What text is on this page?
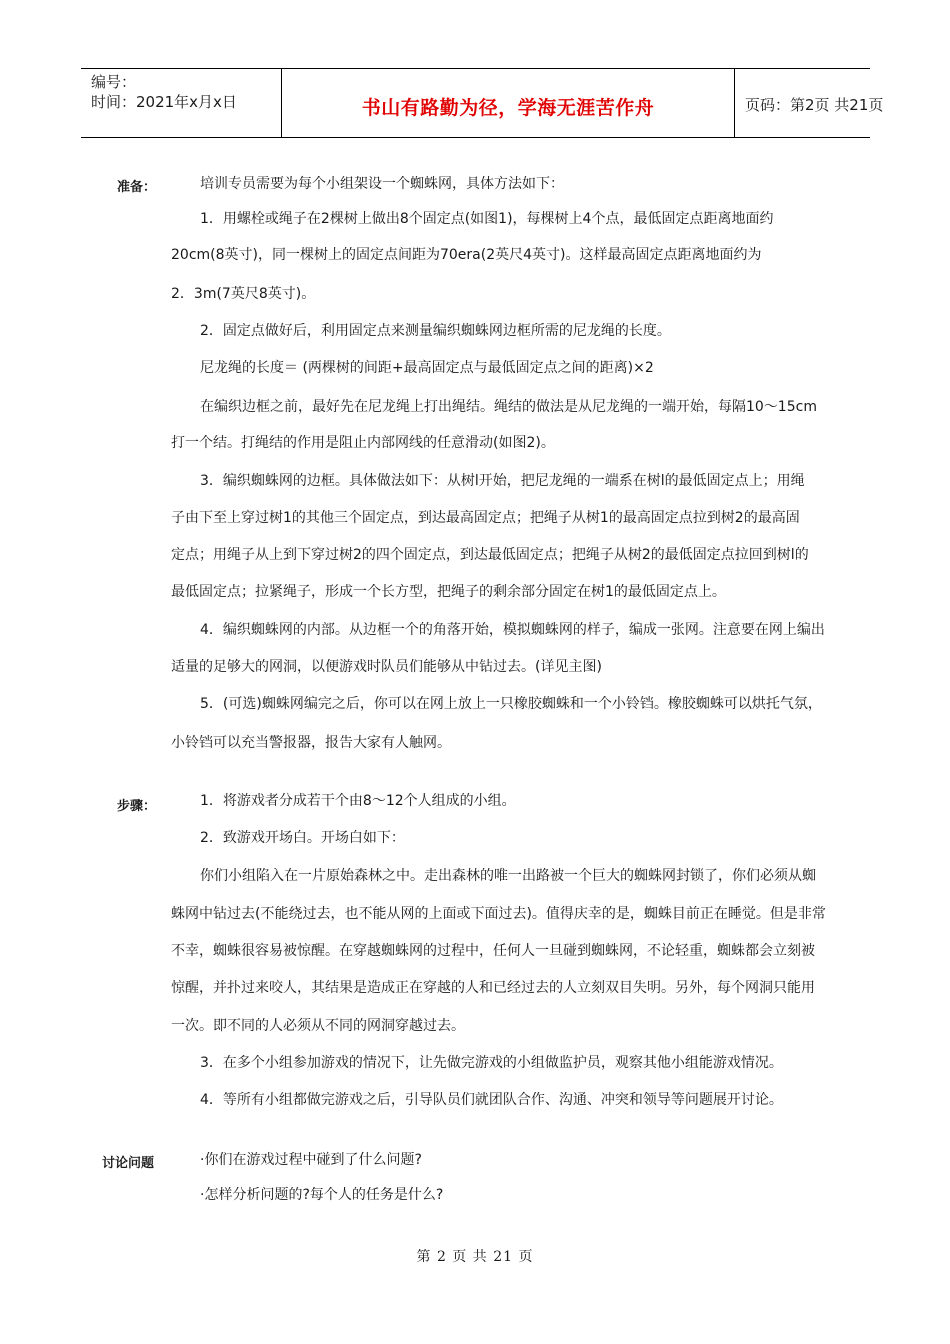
编号：
时间：2021年x月x日	书山有路勤为径，学海无涯苦作舟	页码：第2页 共21页
准备：	培训专员需要为每个小组架设一个蜘蛛网，具体方法如下：
1．用螺栓或绳子在2棵树上做出8个固定点(如图1)，每棵树上4个点，最低固定点距离地面约
20cm(8英寸)，同一棵树上的固定点间距为70era(2英尺4英寸)。这样最高固定点距离地面约为
2．3m(7英尺8英寸)。
2．固定点做好后，利用固定点来测量编织蜘蛛网边框所需的尼龙绳的长度。
尼龙绳的长度＝ (两棵树的间距+最高固定点与最低固定点之间的距离)×2
在编织边框之前，最好先在尼龙绳上打出绳结。绳结的做法是从尼龙绳的一端开始，每隔10～15cm
打一个结。打绳结的作用是阻止内部网线的任意滑动(如图2)。
3．编织蜘蛛网的边框。具体做法如下：从树l开始，把尼龙绳的一端系在树l的最低固定点上；用绳
子由下至上穿过树1的其他三个固定点，到达最高固定点；把绳子从树1的最高固定点拉到树2的最高固
定点；用绳子从上到下穿过树2的四个固定点，到达最低固定点；把绳子从树2的最低固定点拉回到树l的
最低固定点；拉紧绳子，形成一个长方型，把绳子的剩余部分固定在树1的最低固定点上。
4．编织蜘蛛网的内部。从边框一个的角落开始，模拟蜘蛛网的样子，编成一张网。注意要在网上编出
适量的足够大的网洞，以便游戏时队员们能够从中钻过去。(详见主图)
5．(可选)蜘蛛网编完之后，你可以在网上放上一只橡胶蜘蛛和一个小铃铛。橡胶蜘蛛可以烘托气氛，
小铃铛可以充当警报器，报告大家有人触网。
步骤：	1．将游戏者分成若干个由8～12个人组成的小组。
2．致游戏开场白。开场白如下：
你们小组陷入在一片原始森林之中。走出森林的唯一出路被一个巨大的蜘蛛网封锁了，你们必须从蜘
蛛网中钻过去(不能绕过去，也不能从网的上面或下面过去)。值得庆幸的是，蜘蛛目前正在睡觉。但是非常
不幸，蜘蛛很容易被惊醒。在穿越蜘蛛网的过程中，任何人一旦碰到蜘蛛网，不论轻重，蜘蛛都会立刻被
惊醒，并扑过来咬人，其结果是造成正在穿越的人和已经过去的人立刻双目失明。另外，每个网洞只能用
一次。即不同的人必须从不同的网洞穿越过去。
3．在多个小组参加游戏的情况下，让先做完游戏的小组做监护员，观察其他小组能游戏情况。
4．等所有小组都做完游戏之后，引导队员们就团队合作、沟通、冲突和领导等问题展开讨论。
讨论问题	·你们在游戏过程中碰到了什么问题?
·怎样分析问题的?每个人的任务是什么?
第 2 页 共 21 页
